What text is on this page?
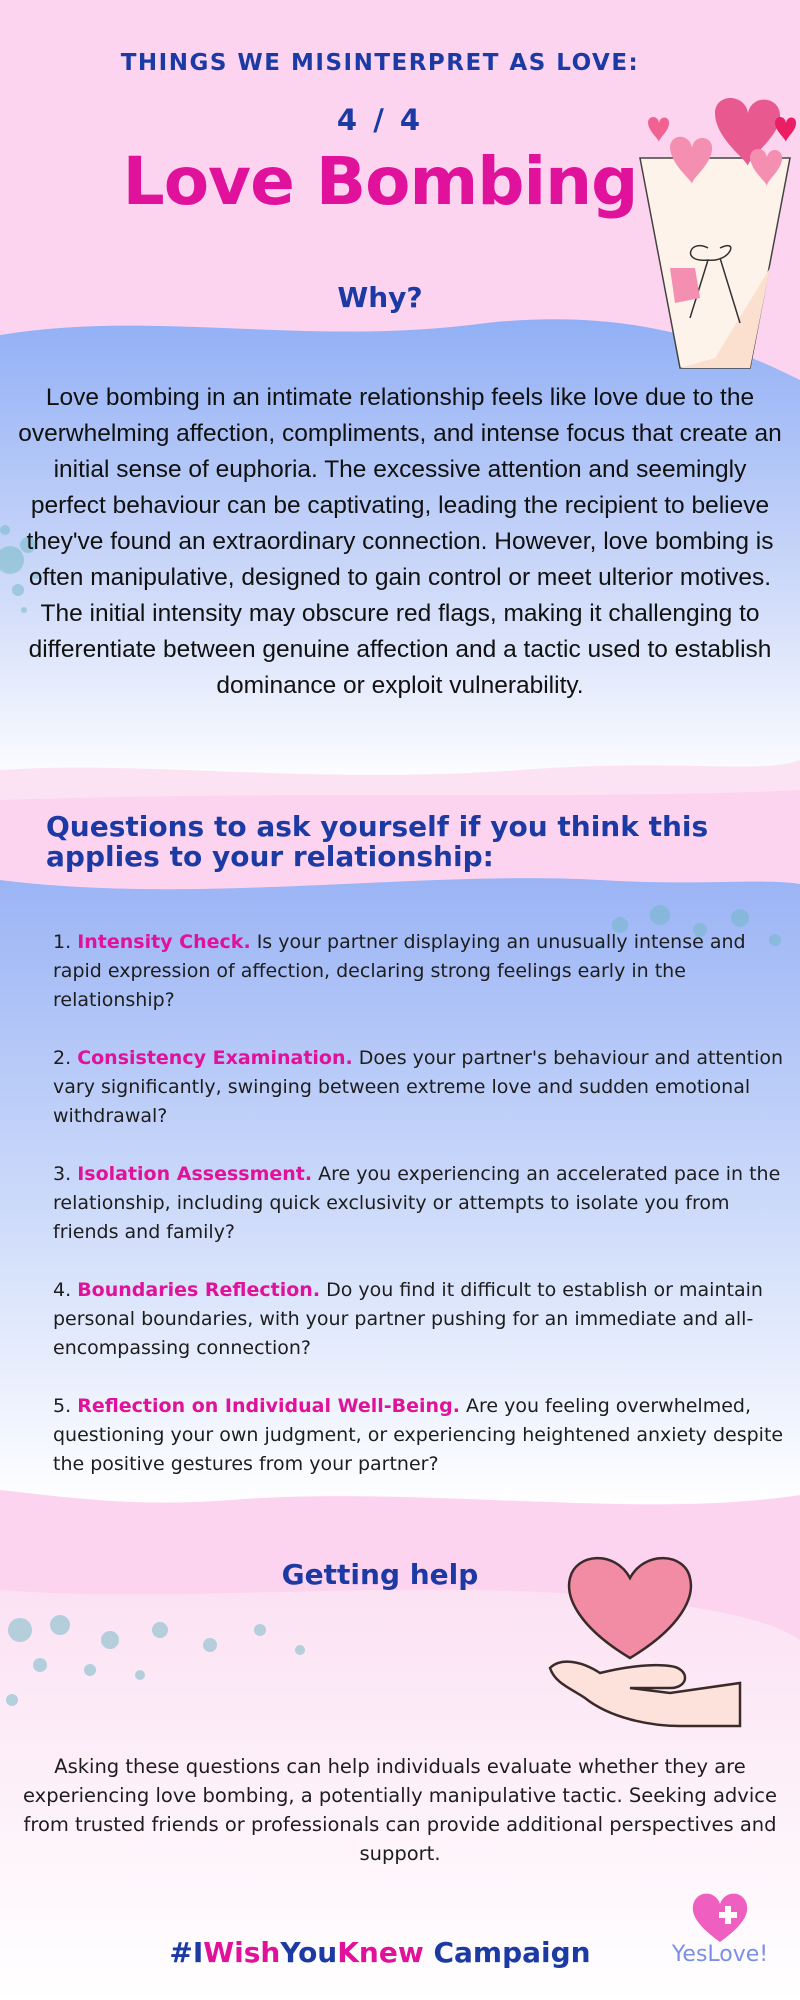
THINGS WE MISINTERPRET AS LOVE:
4 / 4
Love Bombing
Why?
Love bombing in an intimate relationship feels like love due to the overwhelming affection, compliments, and intense focus that create an initial sense of euphoria. The excessive attention and seemingly perfect behaviour can be captivating, leading the recipient to believe they've found an extraordinary connection. However, love bombing is often manipulative, designed to gain control or meet ulterior motives. The initial intensity may obscure red flags, making it challenging to differentiate between genuine affection and a tactic used to establish dominance or exploit vulnerability.
Questions to ask yourself if you think this applies to your relationship:
1. Intensity Check. Is your partner displaying an unusually intense and rapid expression of affection, declaring strong feelings early in the relationship?
2. Consistency Examination. Does your partner's behaviour and attention vary significantly, swinging between extreme love and sudden emotional withdrawal?
3. Isolation Assessment. Are you experiencing an accelerated pace in the relationship, including quick exclusivity or attempts to isolate you from friends and family?
4. Boundaries Reflection. Do you find it difficult to establish or maintain personal boundaries, with your partner pushing for an immediate and all-encompassing connection?
5. Reflection on Individual Well-Being. Are you feeling overwhelmed, questioning your own judgment, or experiencing heightened anxiety despite the positive gestures from your partner?
Getting help
Asking these questions can help individuals evaluate whether they are experiencing love bombing, a potentially manipulative tactic. Seeking advice from trusted friends or professionals can provide additional perspectives and support.
#IWishYouKnew Campaign	YesLove!
